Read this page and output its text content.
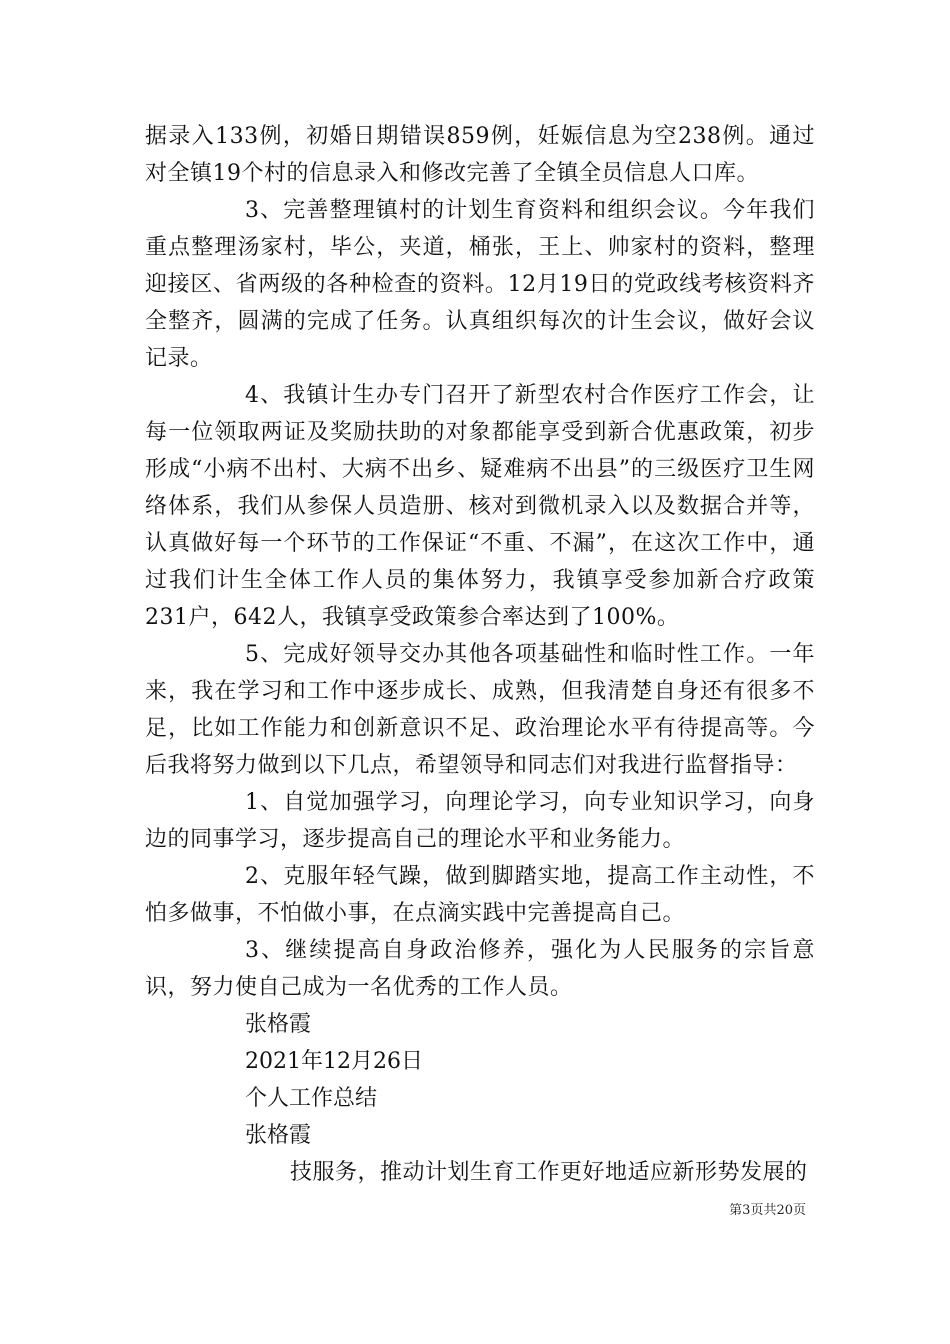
据录入133例，初婚日期错误859例，妊娠信息为空238例。通过对全镇19个村的信息录入和修改完善了全镇全员信息人口库。

3、完善整理镇村的计划生育资料和组织会议。今年我们重点整理汤家村，毕公，夹道，桶张，王上、帅家村的资料，整理迎接区、省两级的各种检查的资料。12月19日的党政线考核资料齐全整齐，圆满的完成了任务。认真组织每次的计生会议，做好会议记录。

4、我镇计生办专门召开了新型农村合作医疗工作会，让每一位领取两证及奖励扶助的对象都能享受到新合优惠政策，初步形成“小病不出村、大病不出乡、疑难病不出县”的三级医疗卫生网络体系，我们从参保人员造册、核对到微机录入以及数据合并等，认真做好每一个环节的工作保证“不重、不漏”，在这次工作中，通过我们计生全体工作人员的集体努力，我镇享受参加新合疗政策231户，642人，我镇享受政策参合率达到了100%。

5、完成好领导交办其他各项基础性和临时性工作。一年来，我在学习和工作中逐步成长、成熟，但我清楚自身还有很多不足，比如工作能力和创新意识不足、政治理论水平有待提高等。今后我将努力做到以下几点，希望领导和同志们对我进行监督指导：

1、自觉加强学习，向理论学习，向专业知识学习，向身边的同事学习，逐步提高自己的理论水平和业务能力。

2、克服年轻气躁，做到脚踏实地，提高工作主动性，不怕多做事，不怕做小事，在点滴实践中完善提高自己。

3、继续提高自身政治修养，强化为人民服务的宗旨意识，努力使自己成为一名优秀的工作人员。

张格霞

2021年12月26日

个人工作总结

张格霞

技服务，推动计划生育工作更好地适应新形势发展的

第3页共20页
